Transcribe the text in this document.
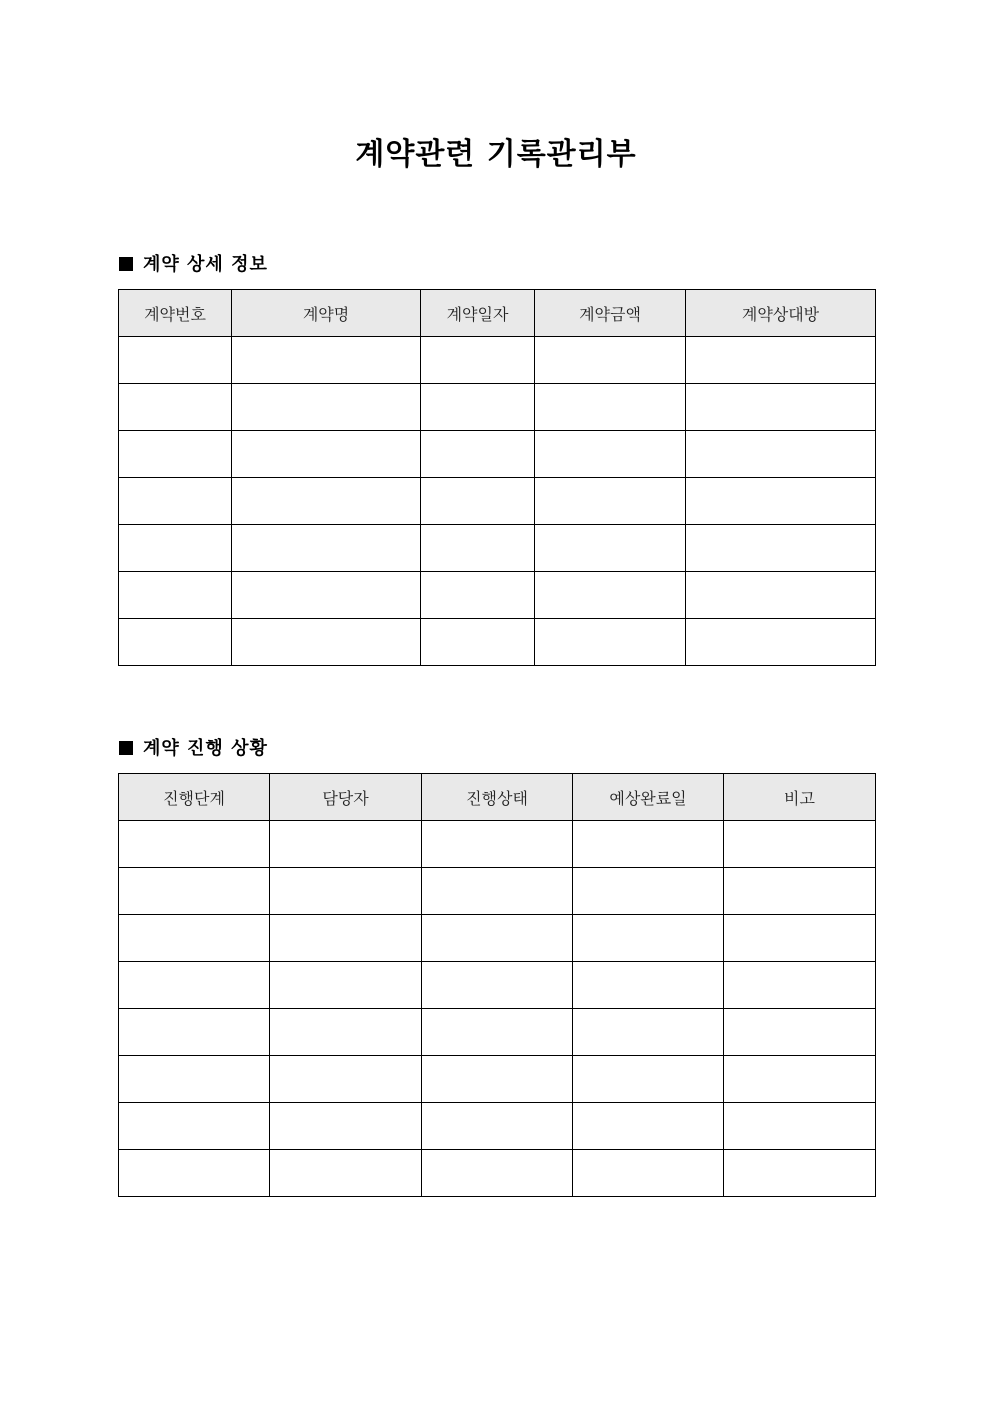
계약관련 기록관리부
계약 상세 정보
계약번호	계약명	계약일자	계약금액	계약상대방

계약 진행 상황
진행단계	담당자	진행상태	예상완료일	비고
